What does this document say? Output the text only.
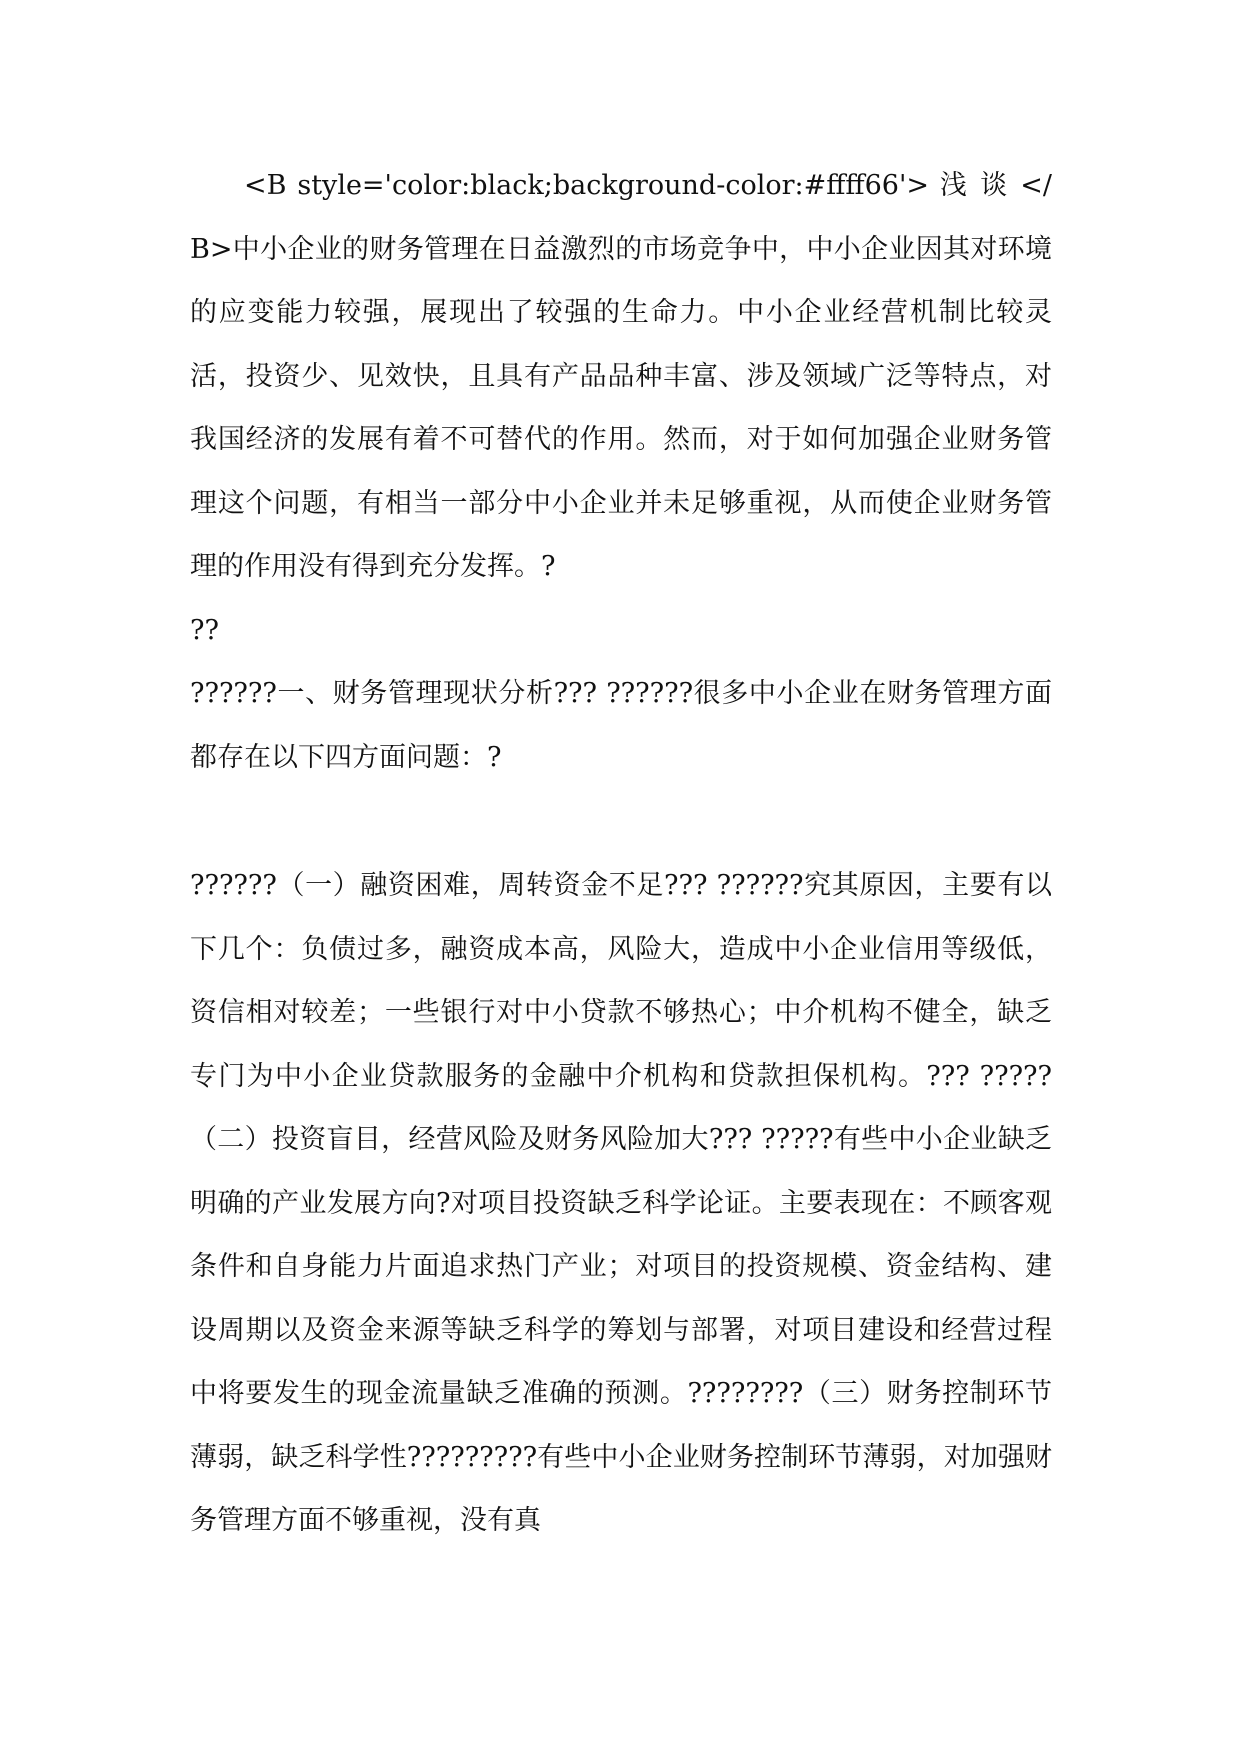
<B style='color:black;background-color:#ffff66'> 浅 谈 </B>中小企业的财务管理在日益激烈的市场竞争中，中小企业因其对环境的应变能力较强，展现出了较强的生命力。中小企业经营机制比较灵活，投资少、见效快，且具有产品品种丰富、涉及领域广泛等特点，对我国经济的发展有着不可替代的作用。然而，对于如何加强企业财务管理这个问题，有相当一部分中小企业并未足够重视，从而使企业财务管理的作用没有得到充分发挥。?

??

??????一、财务管理现状分析??? ??????很多中小企业在财务管理方面都存在以下四方面问题：?

??????（一）融资困难，周转资金不足??? ??????究其原因，主要有以下几个：负债过多，融资成本高，风险大，造成中小企业信用等级低，资信相对较差；一些银行对中小贷款不够热心；中介机构不健全，缺乏专门为中小企业贷款服务的金融中介机构和贷款担保机构。??? ?????（二）投资盲目，经营风险及财务风险加大??? ?????有些中小企业缺乏明确的产业发展方向?对项目投资缺乏科学论证。主要表现在：不顾客观条件和自身能力片面追求热门产业；对项目的投资规模、资金结构、建设周期以及资金来源等缺乏科学的筹划与部署，对项目建设和经营过程中将要发生的现金流量缺乏准确的预测。????????（三）财务控制环节薄弱，缺乏科学性?????????有些中小企业财务控制环节薄弱，对加强财务管理方面不够重视，没有真
